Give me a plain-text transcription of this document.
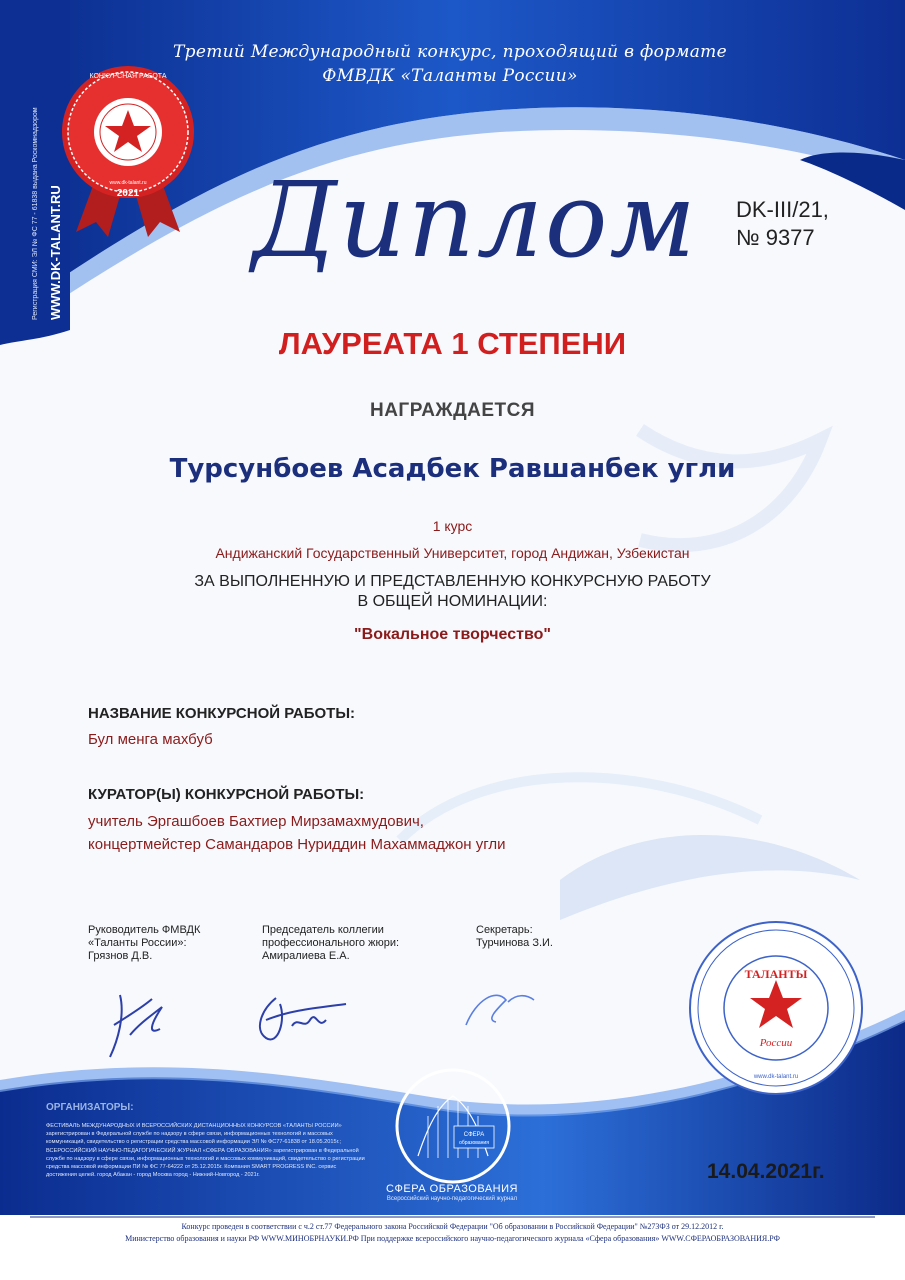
WWW.DK-TALANT.RU
Регистрация СМИ: ЭЛ № ФС 77 - 61838 выдана Роскомнадзором
КОНКУРСНАЯ РАБОТА
2021
www.dk-talant.ru
Третий Международный конкурс, проходящий в формате
ФМВДК «Таланты России»
Диплом	DK-III/21,
№ 9377
ЛАУРЕАТА 1 СТЕПЕНИ
НАГРАЖДАЕТСЯ
Турсунбоев Асадбек Равшанбек угли
1 курс
Андижанский Государственный Университет, город Андижан, Узбекистан
ЗА ВЫПОЛНЕННУЮ И ПРЕДСТАВЛЕННУЮ КОНКУРСНУЮ РАБОТУ
В ОБЩЕЙ НОМИНАЦИИ:
"Вокальное творчество"
НАЗВАНИЕ КОНКУРСНОЙ РАБОТЫ:
Бул менга махбуб
КУРАТОР(Ы) КОНКУРСНОЙ РАБОТЫ:
учитель Эргашбоев Бахтиер Мирзамахмудович,
концертмейстер Самандаров Нуриддин Махаммаджон угли
Руководитель ФМВДК
«Таланты России»:
Грязнов Д.В.
Председатель коллегии
профессионального жюри:
Амиралиева Е.А.
Секретарь:
Турчинова З.И.
ТАЛАНТЫ
России
www.dk-talant.ru
СФЕРА
образования
СФЕРА ОБРАЗОВАНИЯ
Всероссийский научно-педагогический журнал
ОРГАНИЗАТОРЫ:
ФЕСТИВАЛЬ МЕЖДУНАРОДНЫХ И ВСЕРОССИЙСКИХ ДИСТАНЦИОННЫХ КОНКУРСОВ «ТАЛАНТЫ РОССИИ» зарегистрирован в Федеральной службе по надзору в сфере связи, информационных технологий и массовых коммуникаций, свидетельство о регистрации средства массовой информации ЭЛ № ФС77-61838 от 18.05.2015г.; ВСЕРОССИЙСКИЙ НАУЧНО-ПЕДАГОГИЧЕСКИЙ ЖУРНАЛ «СФЕРА ОБРАЗОВАНИЯ» зарегистрирован в Федеральной службе по надзору в сфере связи, информационных технологий и массовых коммуникаций, свидетельство о регистрации средства массовой информации ПИ № ФС 77-64222 от 25.12.2015г. Компания SMART PROGRESS INC. сервис достижения целей. город Абакан - город Москва город - Нижний-Новгород - 2021г.	14.04.2021г.
Конкурс проведен в соответствии с ч.2 ст.77 Федерального закона Российской Федерации "Об образовании в Российской Федерации" №273ФЗ от 29.12.2012 г.
Министерство образования и науки РФ WWW.МИНОБРНАУКИ.РФ При поддержке всероссийского научно-педагогического журнала «Сфера образования» WWW.СФЕРАОБРАЗОВАНИЯ.РФ
